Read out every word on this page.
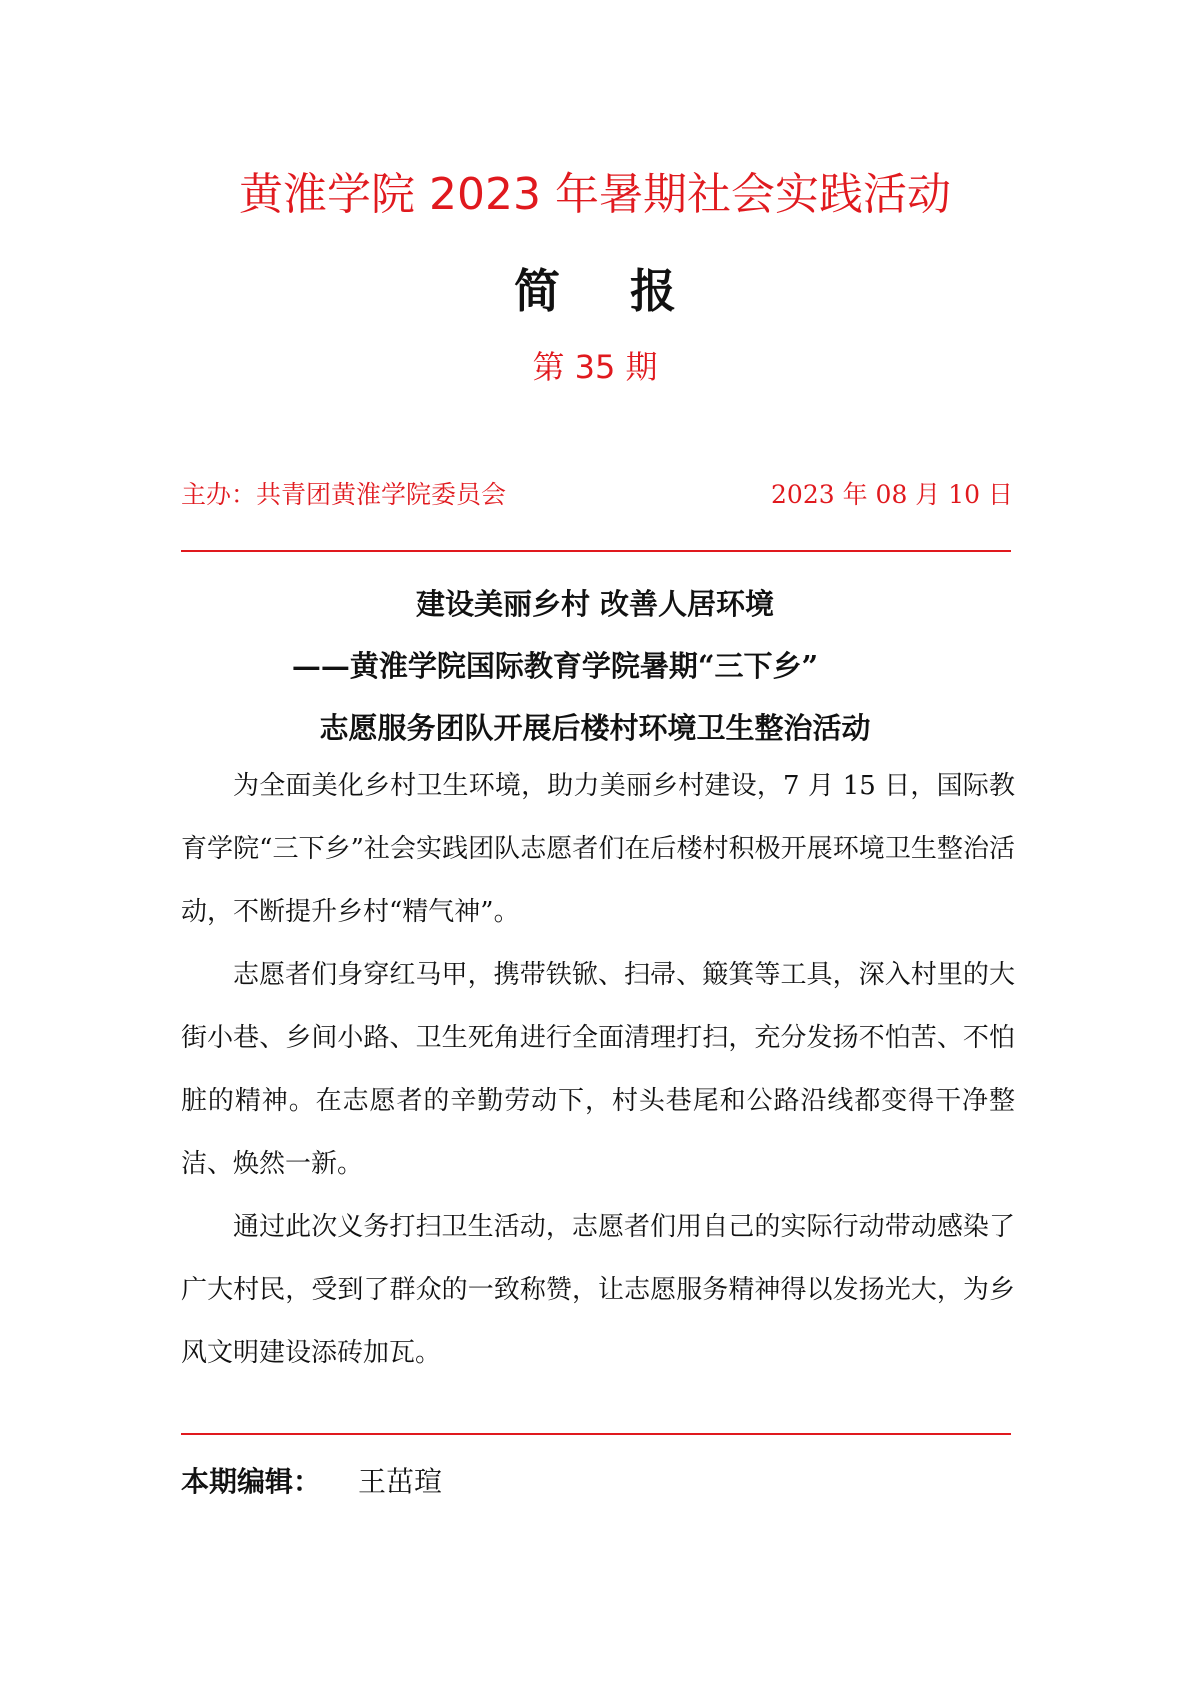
黄淮学院 2023 年暑期社会实践活动
简 报
第 35 期
主办：共青团黄淮学院委员会	2023 年 08 月 10 日
建设美丽乡村 改善人居环境
——黄淮学院国际教育学院暑期“三下乡”
志愿服务团队开展后楼村环境卫生整治活动

为全面美化乡村卫生环境，助力美丽乡村建设，7 月 15 日，国际教育学院“三下乡”社会实践团队志愿者们在后楼村积极开展环境卫生整治活动，不断提升乡村“精气神”。

志愿者们身穿红马甲，携带铁锨、扫帚、簸箕等工具，深入村里的大街小巷、乡间小路、卫生死角进行全面清理打扫，充分发扬不怕苦、不怕脏的精神。在志愿者的辛勤劳动下，村头巷尾和公路沿线都变得干净整洁、焕然一新。

通过此次义务打扫卫生活动，志愿者们用自己的实际行动带动感染了广大村民，受到了群众的一致称赞，让志愿服务精神得以发扬光大，为乡风文明建设添砖加瓦。

本期编辑： 王茁瑄
